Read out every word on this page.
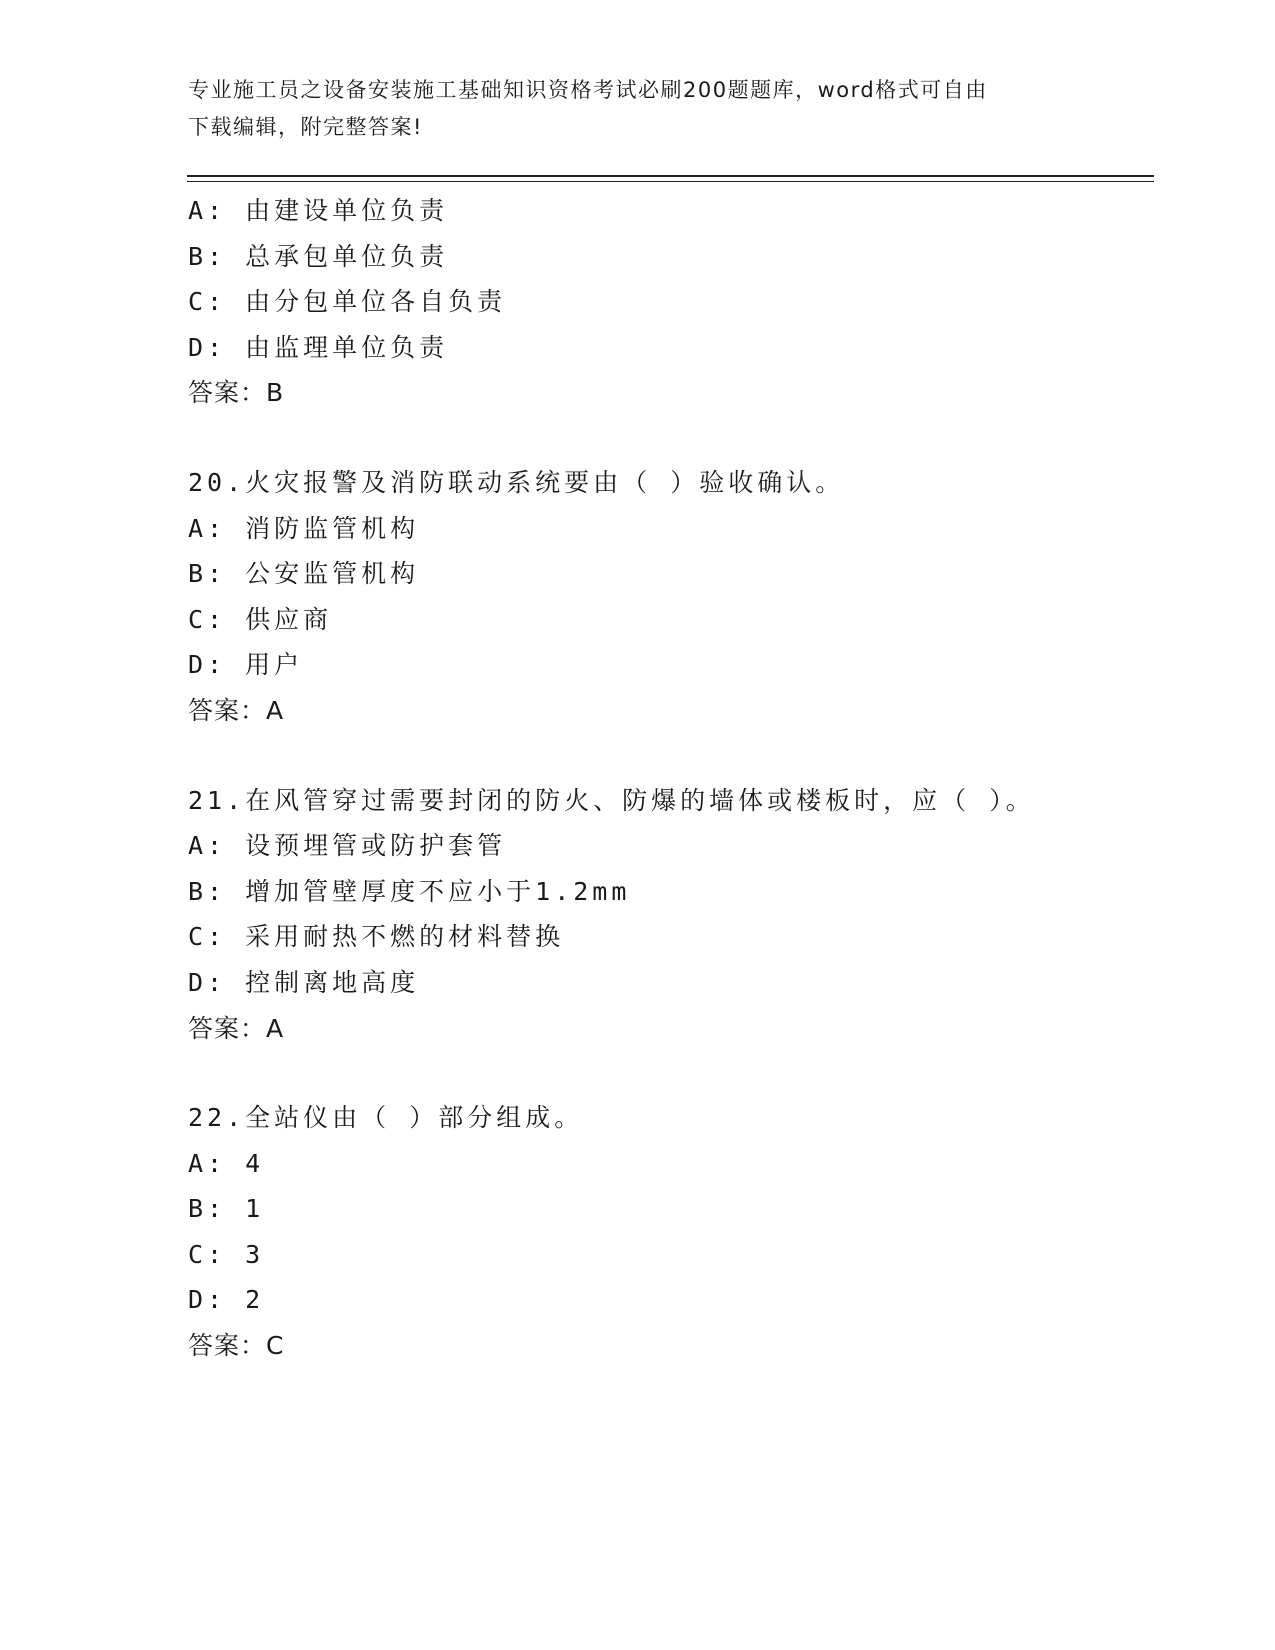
专业施工员之设备安装施工基础知识资格考试必刷200题题库，word格式可自由
下载编辑，附完整答案!
A: 由建设单位负责
B: 总承包单位负责
C: 由分包单位各自负责
D: 由监理单位负责
答案：B
20.火灾报警及消防联动系统要由（ ）验收确认。
A: 消防监管机构
B: 公安监管机构
C: 供应商
D: 用户
答案：A
21.在风管穿过需要封闭的防火、防爆的墙体或楼板时，应（ ）。
A: 设预埋管或防护套管
B: 增加管壁厚度不应小于1.2mm
C: 采用耐热不燃的材料替换
D: 控制离地高度
答案：A
22.全站仪由（ ）部分组成。
A: 4
B: 1
C: 3
D: 2
答案：C
